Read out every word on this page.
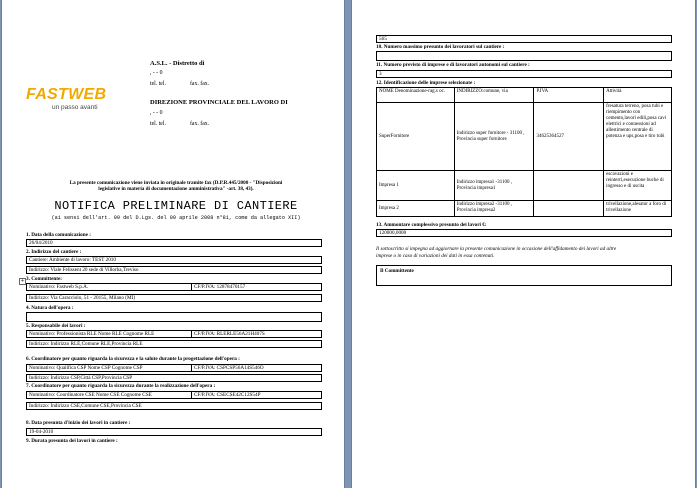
FASTWEB
un passo avanti
A.S.L. - Distretto di
, - - 0
tel. tel.	fax. fax.
DIREZIONE PROVINCIALE DEL LAVORO DI
, - - 0
tel. tel.	fax. fax.
La presente comunicazione viene inviata in originale tramite fax (D.P.R.445/2000 - "Disposizioni
legislative in materia di documentazione amministrativa" -art. 38, 43).
NOTIFICA PRELIMINARE DI CANTIERE
(ai sensi dell'art. 99 del D.Lgs. del 09 aprile 2008 n°81, come da allegato XII)
1. Data della comunicazione :
26/04/2010
2. Indirizzo del cantiere :
Cantiere: Ambiente di lavoro: TEST 2010
Indirizzo: Viale Felissent 20 sede di Villorba,Treviso
+ 3. Committente:
Nominativo: Fastweb S.p.A.	CF/P.IVA: 12878470157
Indirizzo: Via Caracciolo, 51 - 20155, Milano (MI)
4. Natura dell'opera :
5. Responsabile dei lavori :
Nominativo: Professionista RLE Nome RLE Cognome RLE	CF/P.IVA: RLERLE56A21H407S
Indirizzo: Indirizzo RLE,Comune RLE,Provincia RLE
6. Coordinatore per quanto riguarda la sicurezza e la salute durante la progettazione dell'opera :
Nominativo: Qualifica CSP Nome CSP Cognome CSP	CF/P.IVA: CSPCSP56A14S546O
Indirizzo: Indirizzo CSP,Città CSP,Provincia CSP
7. Coordinatore per quanto riguarda la sicurezza durante la realizzazione dell'opera :
Nominativo: Coordinatore CSE Nome CSE Cognome CSE	CF/P.IVA: CSECSE42C12S54P
Indirizzo: Indirizzo CSE,Comune CSE,Provincia CSE
8. Data presunta d'inizio dei lavori in cantiere :
19-04-2010
9. Durata presunta dei lavori in cantiere :
565
10. Numero massimo presunto dei lavoratori sul cantiere :
11. Numero previsto di imprese e di lavoratori autonomi sul cantiere :
3
12. Identificazione delle imprese selezionate :
NOME Denominazione-rag.s oc.	INDIRIZZO:comune, via	P.IVA	Attività
SuperFornitore	Indirizzo super fornitore - 31100 , Provincia super fornitore	34625364527	fresatura terreno, posa tubi e riempimento con cemento,lavori edili,posa cavi elettrici e connessioni ad allestimento centrale di potenza e ups,posa e tiro tubi
Impresa 1	Indirizzo impresa1 -31100 , Provincia impresa1		escavazioni e reinterri,esecuzione buche di ingresso e di uscita
Impresa 2	Indirizzo impresa2 -31100 , Provincia impresa2		trivellazione,alesatur a foro di trivellazione
13. Ammontare complessivo presunto dei lavori €:
120000,0000
Il sottoscritto si impegna ad aggiornare la presente comunicazione in occasione dell'affidamento dei lavori ad altre
imprese o in caso di variazioni dei dati in essa contenuti.
Il Committente
